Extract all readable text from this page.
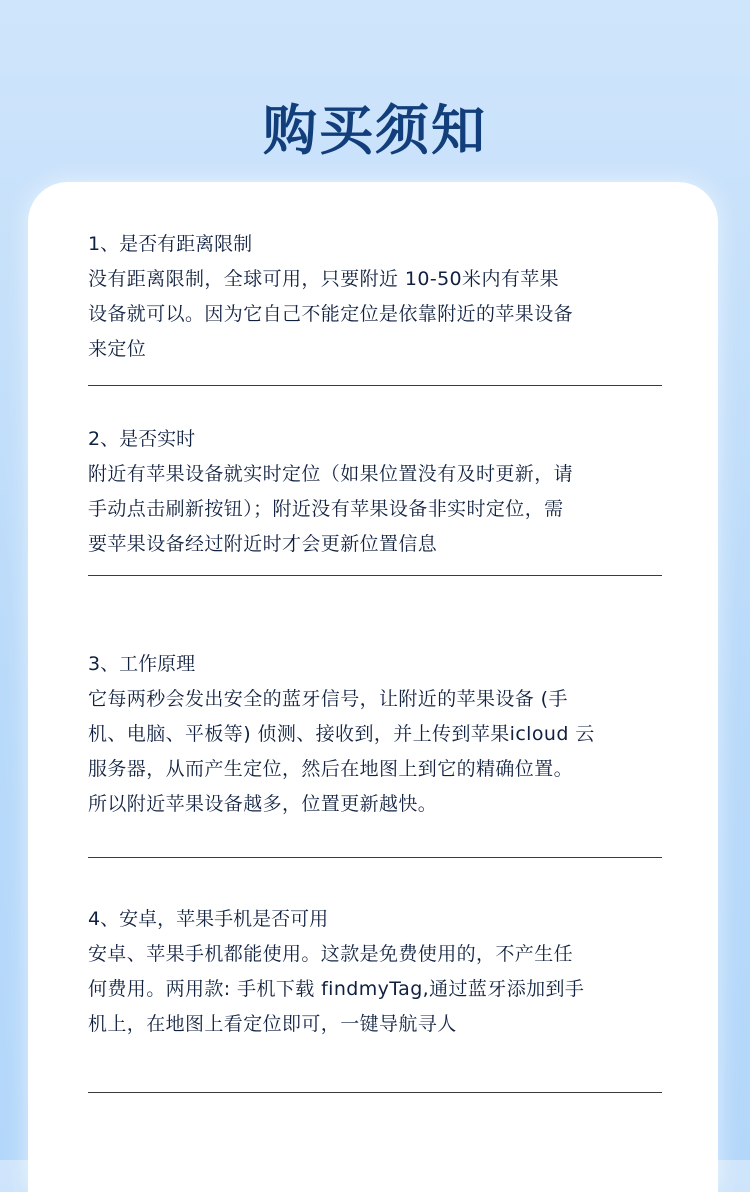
购买须知

1、是否有距离限制

没有距离限制，全球可用，只要附近 10-50米内有苹果

设备就可以。因为它自己不能定位是依靠附近的苹果设备

来定位

2、是否实时

附近有苹果设备就实时定位（如果位置没有及时更新，请

手动点击刷新按钮）；附近没有苹果设备非实时定位，需

要苹果设备经过附近时才会更新位置信息

3、工作原理

它每两秒会发出安全的蓝牙信号，让附近的苹果设备 (手

机、电脑、平板等) 侦测、接收到，并上传到苹果icloud 云

服务器，从而产生定位，然后在地图上到它的精确位置。

所以附近苹果设备越多，位置更新越快。

4、安卓，苹果手机是否可用

安卓、苹果手机都能使用。这款是免费使用的，不产生任

何费用。两用款: 手机下载 findmyTag,通过蓝牙添加到手

机上，在地图上看定位即可，一键导航寻人
